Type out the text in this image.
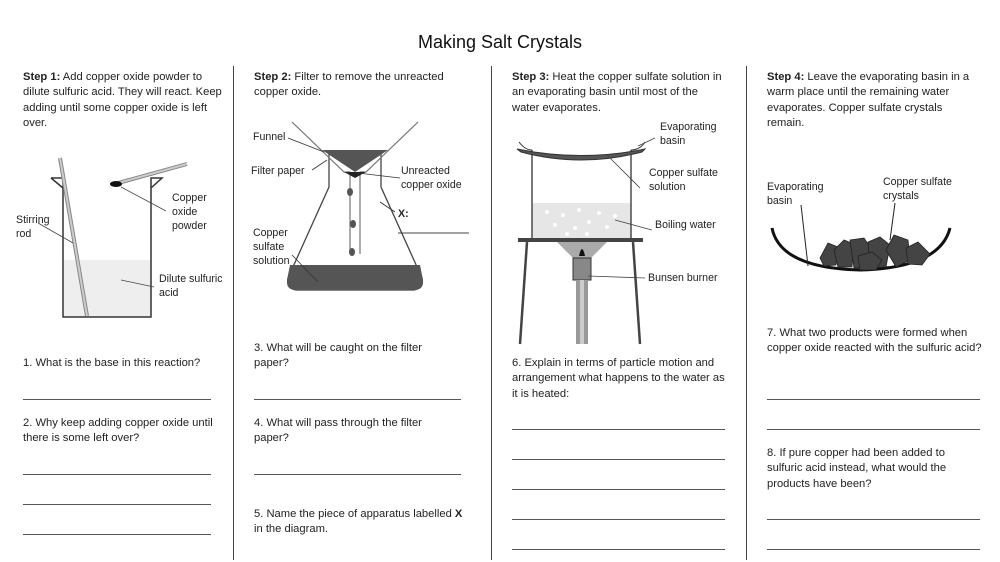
Making Salt Crystals
Step 1: Add copper oxide powder to dilute sulfuric acid. They will react. Keep adding until some copper oxide is left over.
Step 2: Filter to remove the unreacted copper oxide.
Step 3: Heat the copper sulfate solution in an evaporating basin until most of the water evaporates.
Step 4: Leave the evaporating basin in a warm place until the remaining water evaporates. Copper sulfate crystals remain.
Stirring rod
Copper oxide powder
Dilute sulfuric acid
Funnel
Filter paper	Unreacted copper oxide
X:
Copper sulfate solution
Evaporating basin
Copper sulfate solution
Boiling water
Bunsen burner
Evaporating basin
Copper sulfate crystals
1. What is the base in this reaction?
2. Why keep adding copper oxide until there is some left over?
3. What will be caught on the filter paper?
4. What will pass through the filter paper?
5. Name the piece of apparatus labelled X in the diagram.
6. Explain in terms of particle motion and arrangement what happens to the water as it is heated:
7. What two products were formed when copper oxide reacted with the sulfuric acid?
8. If pure copper had been added to sulfuric acid instead, what would the products have been?
